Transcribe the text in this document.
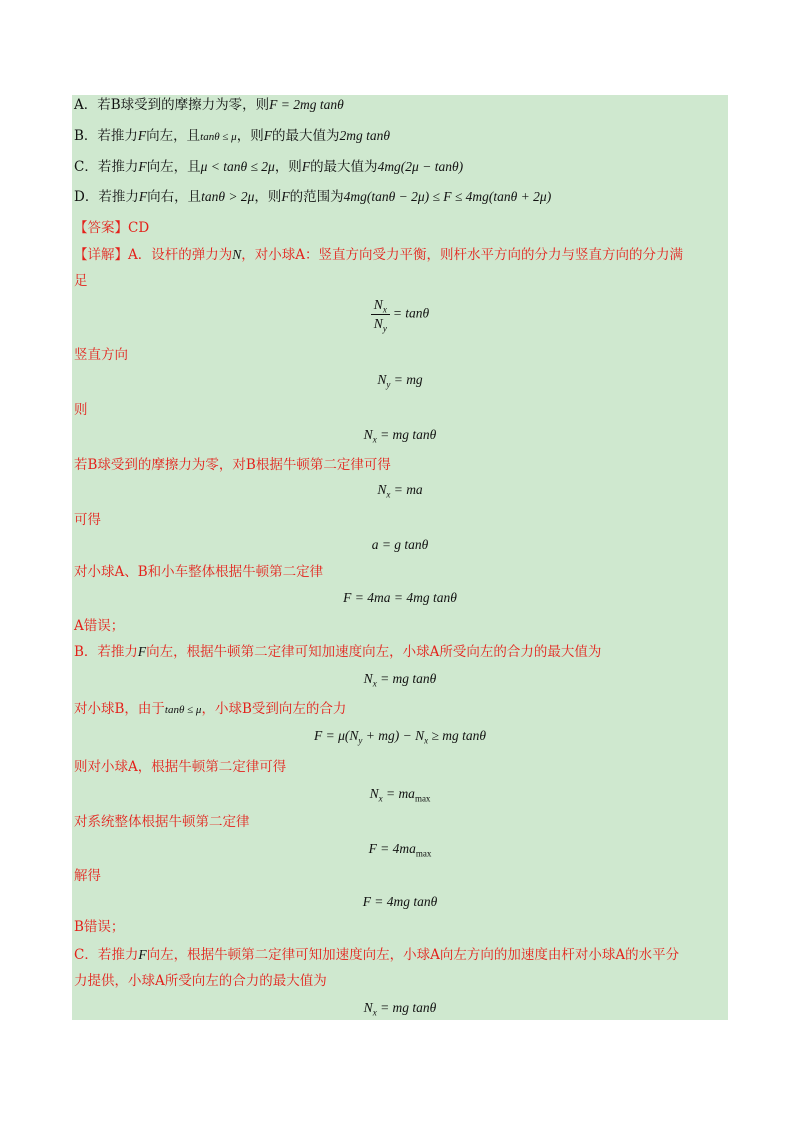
A．若B球受到的摩擦力为零，则F = 2mg tanθ
B．若推力F向左，且tanθ ≤ μ，则F的最大值为2mg tanθ
C．若推力F向左，且μ < tanθ ≤ 2μ，则F的最大值为4mg(2μ − tanθ)
D．若推力F向右，且tanθ > 2μ，则F的范围为4mg(tanθ − 2μ) ≤ F ≤ 4mg(tanθ + 2μ)
【答案】CD
【详解】A．设杆的弹力为N，对小球A：竖直方向受力平衡，则杆水平方向的分力与竖直方向的分力满
足
$\frac{N_x}{N_y} = \tan\theta$
竖直方向
$N_y$ = mg
则
$N_x$ = mg tanθ
若B球受到的摩擦力为零，对B根据牛顿第二定律可得
$N_x$ = ma
可得
a = g tanθ
对小球A、B和小车整体根据牛顿第二定律
F = 4ma = 4mg tanθ
A错误；
B．若推力F向左，根据牛顿第二定律可知加速度向左，小球A所受向左的合力的最大值为
$N_x$ = mg tanθ
对小球B，由于tanθ ≤ μ，小球B受到向左的合力
$F = \mu(N_y + mg) - N_x$ ≥ mg tanθ
则对小球A，根据牛顿第二定律可得
$N_x = ma_{max}$
对系统整体根据牛顿第二定律
$F = 4ma_{max}$
解得
F = 4mg tanθ
B错误；
C．若推力F向左，根据牛顿第二定律可知加速度向左，小球A向左方向的加速度由杆对小球A的水平分
力提供，小球A所受向左的合力的最大值为
$N_x$ = mg tanθ
